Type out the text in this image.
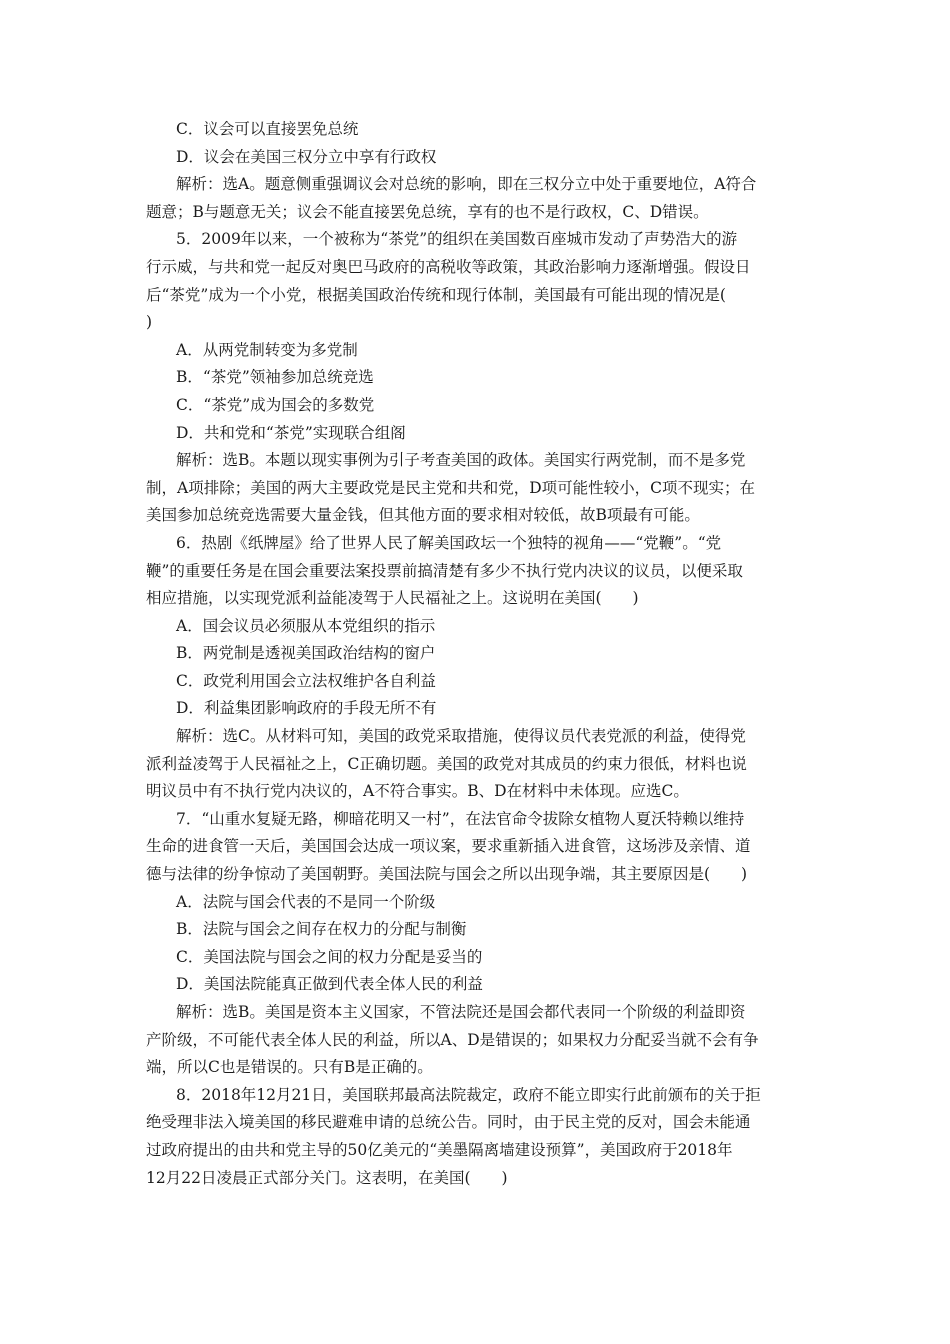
C．议会可以直接罢免总统
D．议会在美国三权分立中享有行政权
解析：选A。题意侧重强调议会对总统的影响，即在三权分立中处于重要地位，A符合
题意；B与题意无关；议会不能直接罢免总统，享有的也不是行政权，C、D错误。
5．2009年以来，一个被称为“茶党”的组织在美国数百座城市发动了声势浩大的游
行示威，与共和党一起反对奥巴马政府的高税收等政策，其政治影响力逐渐增强。假设日
后“茶党”成为一个小党，根据美国政治传统和现行体制，美国最有可能出现的情况是(
)
A．从两党制转变为多党制
B．“茶党”领袖参加总统竞选
C．“茶党”成为国会的多数党
D．共和党和“茶党”实现联合组阁
解析：选B。本题以现实事例为引子考查美国的政体。美国实行两党制，而不是多党
制，A项排除；美国的两大主要政党是民主党和共和党，D项可能性较小，C项不现实；在
美国参加总统竞选需要大量金钱，但其他方面的要求相对较低，故B项最有可能。
6．热剧《纸牌屋》给了世界人民了解美国政坛一个独特的视角——“党鞭”。“党
鞭”的重要任务是在国会重要法案投票前搞清楚有多少不执行党内决议的议员，以便采取
相应措施，以实现党派利益能凌驾于人民福祉之上。这说明在美国(　　)
A．国会议员必须服从本党组织的指示
B．两党制是透视美国政治结构的窗户
C．政党利用国会立法权维护各自利益
D．利益集团影响政府的手段无所不有
解析：选C。从材料可知，美国的政党采取措施，使得议员代表党派的利益，使得党
派利益凌驾于人民福祉之上，C正确切题。美国的政党对其成员的约束力很低，材料也说
明议员中有不执行党内决议的，A不符合事实。B、D在材料中未体现。应选C。
7．“山重水复疑无路，柳暗花明又一村”，在法官命令拔除女植物人夏沃特赖以维持
生命的进食管一天后，美国国会达成一项议案，要求重新插入进食管，这场涉及亲情、道
德与法律的纷争惊动了美国朝野。美国法院与国会之所以出现争端，其主要原因是(　　)
A．法院与国会代表的不是同一个阶级
B．法院与国会之间存在权力的分配与制衡
C．美国法院与国会之间的权力分配是妥当的
D．美国法院能真正做到代表全体人民的利益
解析：选B。美国是资本主义国家，不管法院还是国会都代表同一个阶级的利益即资
产阶级，不可能代表全体人民的利益，所以A、D是错误的；如果权力分配妥当就不会有争
端，所以C也是错误的。只有B是正确的。
8．2018年12月21日，美国联邦最高法院裁定，政府不能立即实行此前颁布的关于拒
绝受理非法入境美国的移民避难申请的总统公告。同时，由于民主党的反对，国会未能通
过政府提出的由共和党主导的50亿美元的“美墨隔离墙建设预算”，美国政府于2018年
12月22日凌晨正式部分关门。这表明，在美国(　　)
